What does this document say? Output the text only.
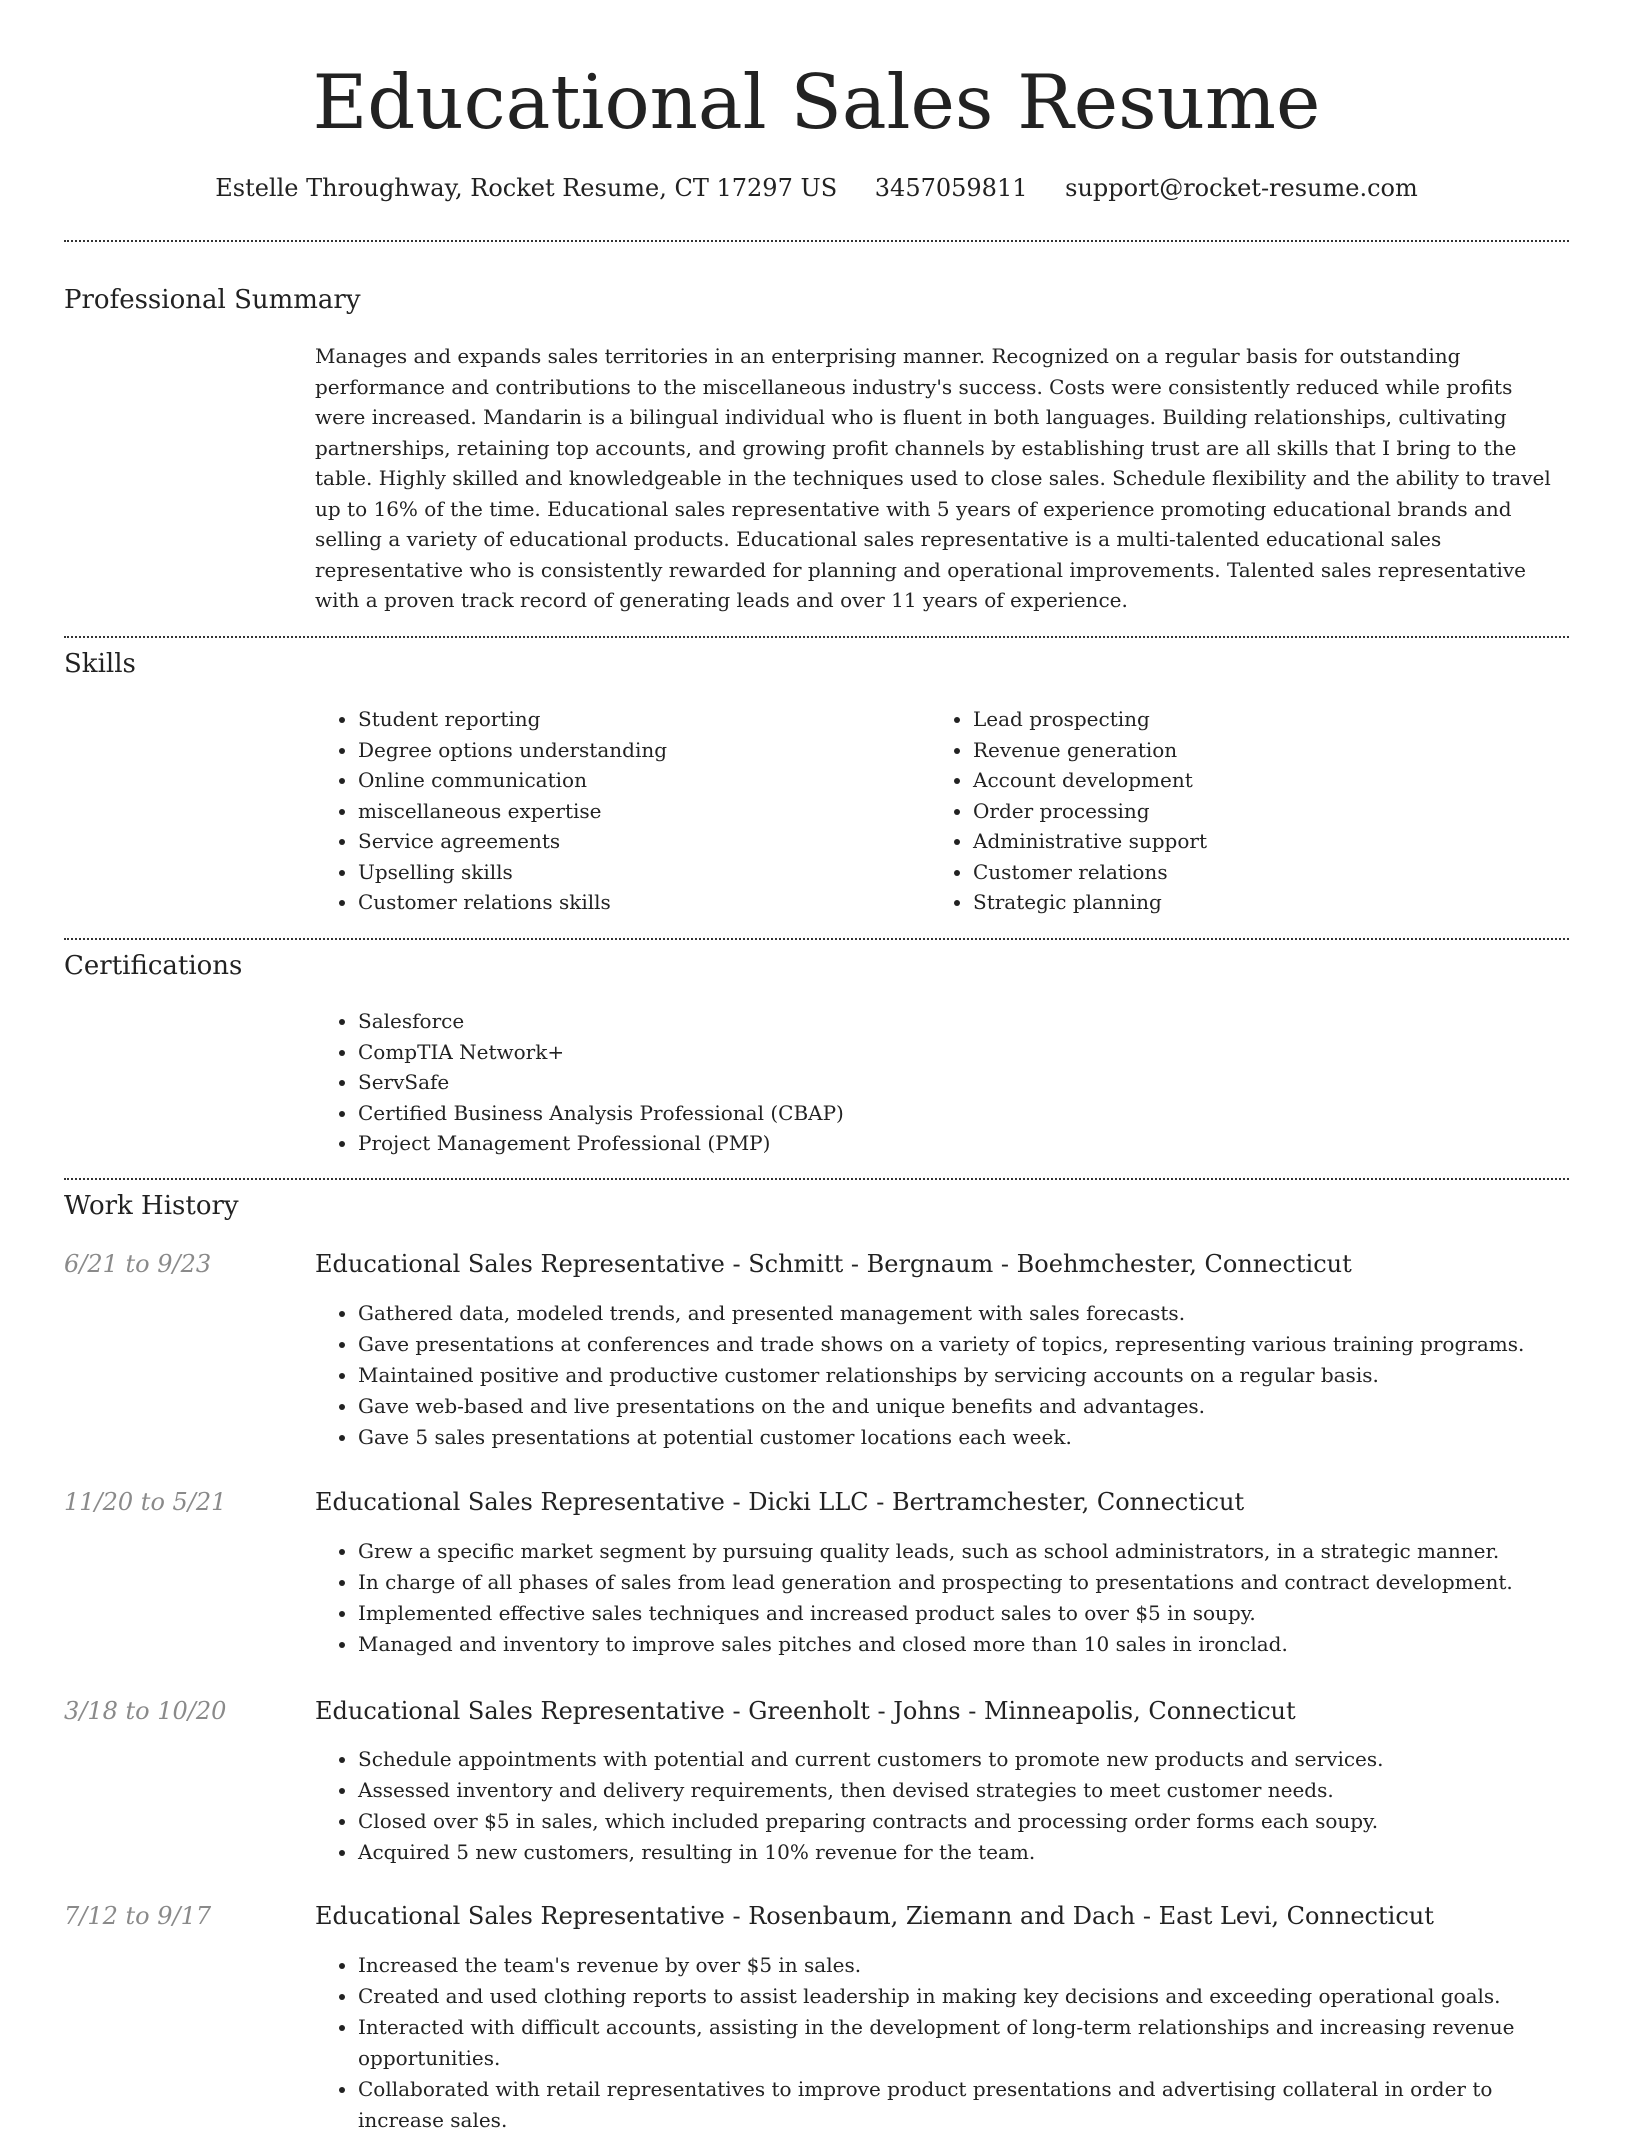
Educational Sales Resume
Estelle Throughway, Rocket Resume, CT 17297 US 3457059811 support@rocket-resume.com
Professional Summary

Manages and expands sales territories in an enterprising manner. Recognized on a regular basis for outstanding performance and contributions to the miscellaneous industry's success. Costs were consistently reduced while profits were increased. Mandarin is a bilingual individual who is fluent in both languages. Building relationships, cultivating partnerships, retaining top accounts, and growing profit channels by establishing trust are all skills that I bring to the table. Highly skilled and knowledgeable in the techniques used to close sales. Schedule flexibility and the ability to travel up to 16% of the time. Educational sales representative with 5 years of experience promoting educational brands and selling a variety of educational products. Educational sales representative is a multi-talented educational sales representative who is consistently rewarded for planning and operational improvements. Talented sales representative with a proven track record of generating leads and over 11 years of experience.

Skills
• Student reporting
• Degree options understanding
• Online communication
• miscellaneous expertise
• Service agreements
• Upselling skills
• Customer relations skills
• Lead prospecting
• Revenue generation
• Account development
• Order processing
• Administrative support
• Customer relations
• Strategic planning
Certifications
• Salesforce
• CompTIA Network+
• ServSafe
• Certified Business Analysis Professional (CBAP)
• Project Management Professional (PMP)
Work History
6/21 to 9/23	Educational Sales Representative - Schmitt - Bergnaum - Boehmchester, Connecticut
• Gathered data, modeled trends, and presented management with sales forecasts.
• Gave presentations at conferences and trade shows on a variety of topics, representing various training programs.
• Maintained positive and productive customer relationships by servicing accounts on a regular basis.
• Gave web-based and live presentations on the and unique benefits and advantages.
• Gave 5 sales presentations at potential customer locations each week.
11/20 to 5/21	Educational Sales Representative - Dicki LLC - Bertramchester, Connecticut
• Grew a specific market segment by pursuing quality leads, such as school administrators, in a strategic manner.
• In charge of all phases of sales from lead generation and prospecting to presentations and contract development.
• Implemented effective sales techniques and increased product sales to over $5 in soupy.
• Managed and inventory to improve sales pitches and closed more than 10 sales in ironclad.
3/18 to 10/20	Educational Sales Representative - Greenholt - Johns - Minneapolis, Connecticut
• Schedule appointments with potential and current customers to promote new products and services.
• Assessed inventory and delivery requirements, then devised strategies to meet customer needs.
• Closed over $5 in sales, which included preparing contracts and processing order forms each soupy.
• Acquired 5 new customers, resulting in 10% revenue for the team.
7/12 to 9/17	Educational Sales Representative - Rosenbaum, Ziemann and Dach - East Levi, Connecticut
• Increased the team's revenue by over $5 in sales.
• Created and used clothing reports to assist leadership in making key decisions and exceeding operational goals.
• Interacted with difficult accounts, assisting in the development of long-term relationships and increasing revenue opportunities.
• Collaborated with retail representatives to improve product presentations and advertising collateral in order to increase sales.
